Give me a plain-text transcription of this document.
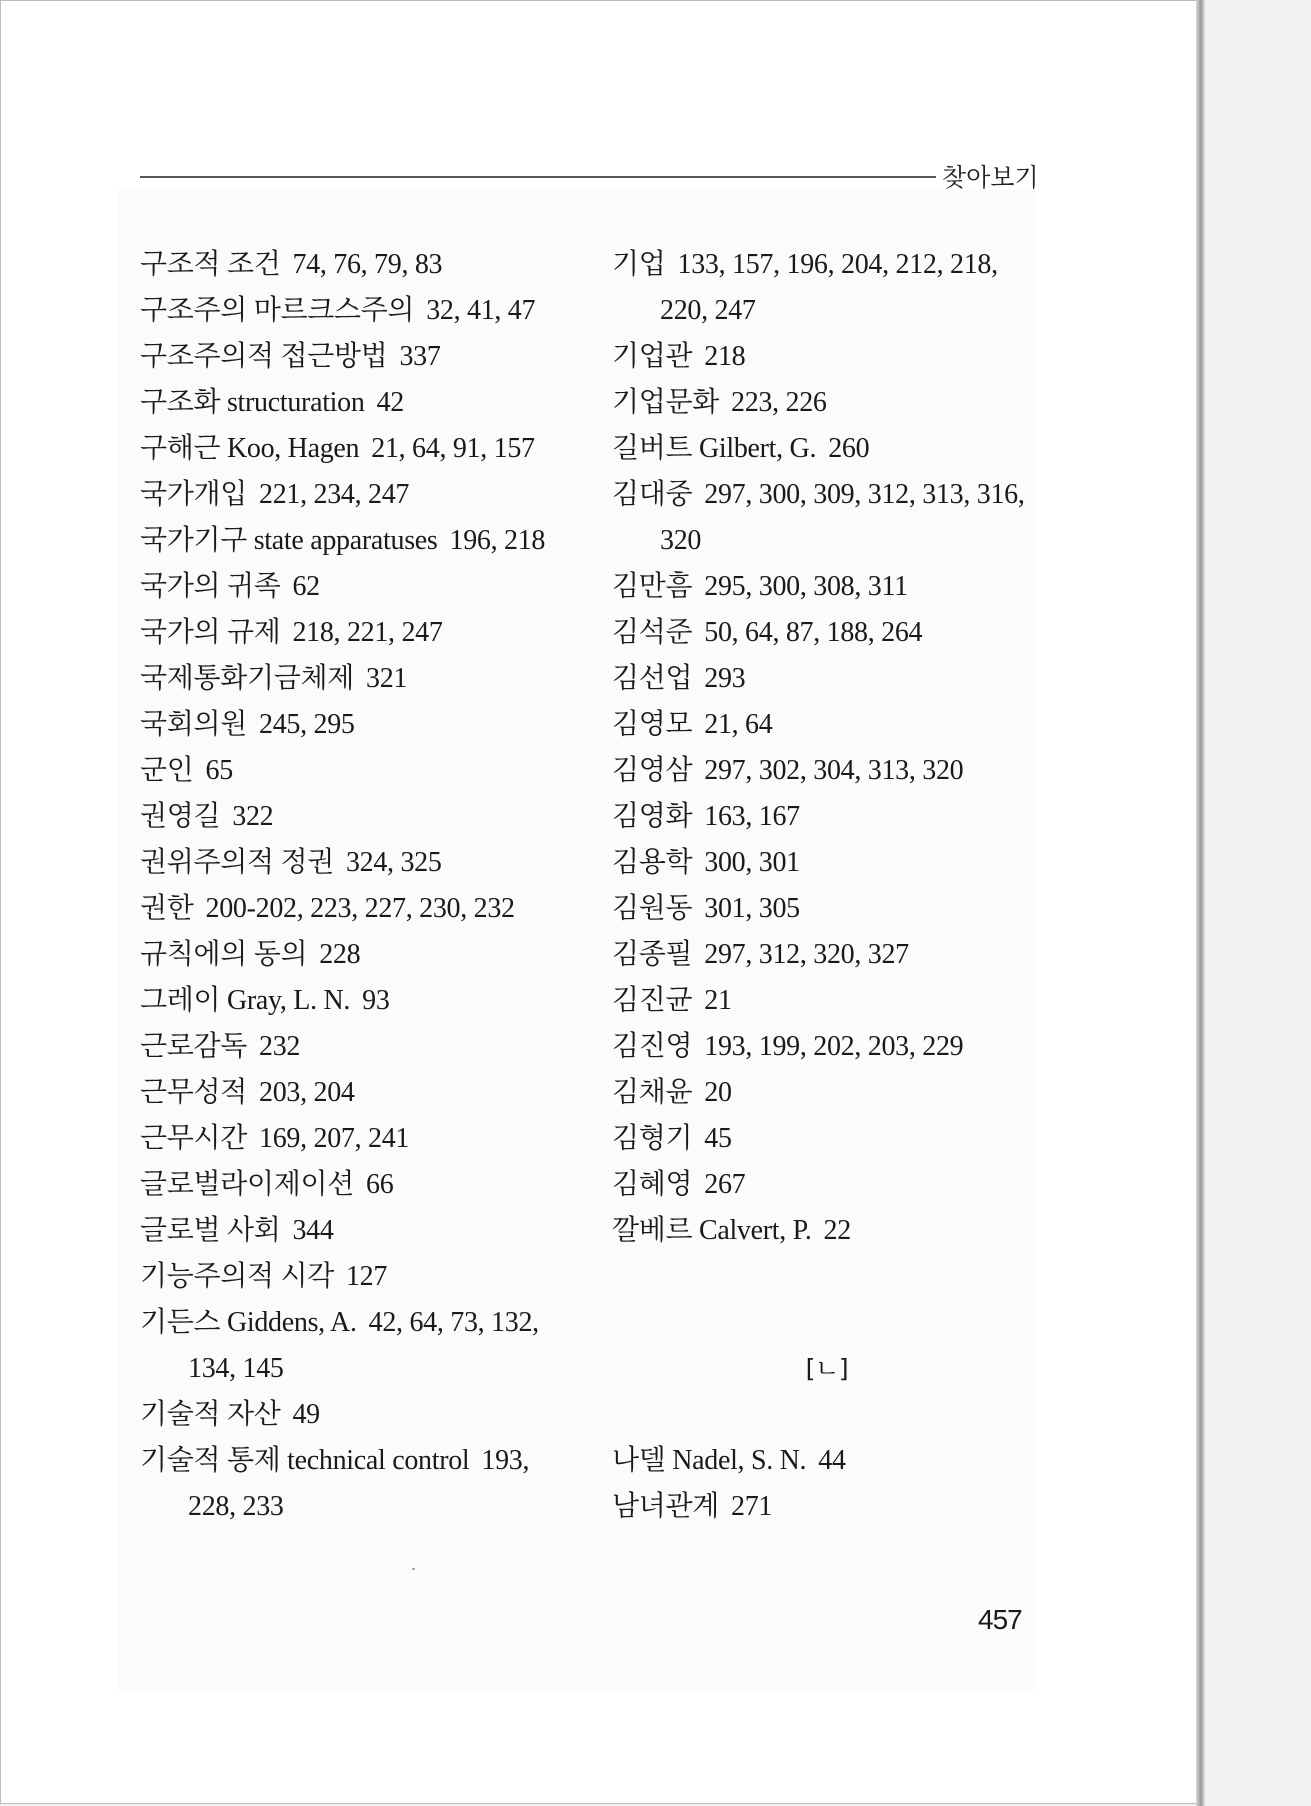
찾아보기
구조적 조건 74, 76, 79, 83
구조주의 마르크스주의 32, 41, 47
구조주의적 접근방법 337
구조화 structuration 42
구해근 Koo, Hagen 21, 64, 91, 157
국가개입 221, 234, 247
국가기구 state apparatuses 196, 218
국가의 귀족 62
국가의 규제 218, 221, 247
국제통화기금체제 321
국회의원 245, 295
군인 65
권영길 322
권위주의적 정권 324, 325
권한 200-202, 223, 227, 230, 232
규칙에의 동의 228
그레이 Gray, L. N. 93
근로감독 232
근무성적 203, 204
근무시간 169, 207, 241
글로벌라이제이션 66
글로벌 사회 344
기능주의적 시각 127
기든스 Giddens, A. 42, 64, 73, 132,
134, 145
기술적 자산 49
기술적 통제 technical control 193,
228, 233
기업 133, 157, 196, 204, 212, 218,
220, 247
기업관 218
기업문화 223, 226
길버트 Gilbert, G. 260
김대중 297, 300, 309, 312, 313, 316,
320
김만흠 295, 300, 308, 311
김석준 50, 64, 87, 188, 264
김선업 293
김영모 21, 64
김영삼 297, 302, 304, 313, 320
김영화 163, 167
김용학 300, 301
김원동 301, 305
김종필 297, 312, 320, 327
김진균 21
김진영 193, 199, 202, 203, 229
김채윤 20
김형기 45
김혜영 267
깔베르 Calvert, P. 22
[ㄴ]
나델 Nadel, S. N. 44
남녀관계 271
457
